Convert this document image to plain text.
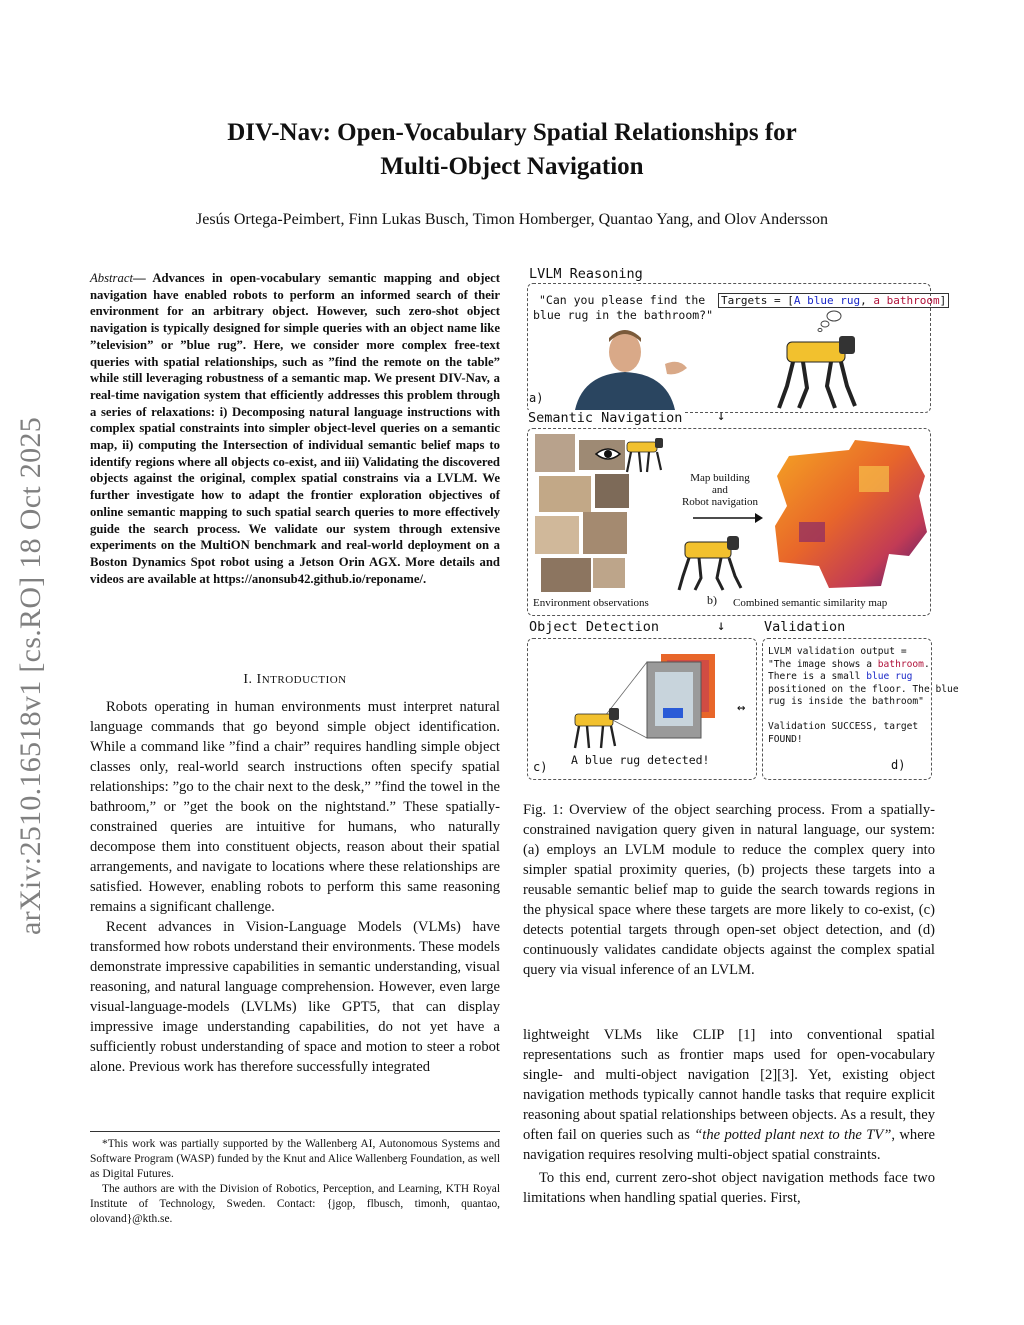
arXiv:2510.16518v1 [cs.RO] 18 Oct 2025
DIV-Nav: Open-Vocabulary Spatial Relationships for
Multi-Object Navigation
Jesús Ortega-Peimbert, Finn Lukas Busch, Timon Homberger, Quantao Yang, and Olov Andersson
Abstract— Advances in open-vocabulary semantic mapping and object navigation have enabled robots to perform an informed search of their environment for an arbitrary object. However, such zero-shot object navigation is typically designed for simple queries with an object name like ”television” or ”blue rug”. Here, we consider more complex free-text queries with spatial relationships, such as ”find the remote on the table” while still leveraging robustness of a semantic map. We present DIV-Nav, a real-time navigation system that efficiently addresses this problem through a series of relaxations: i) Decomposing natural language instructions with complex spatial constraints into simpler object-level queries on a semantic map, ii) computing the Intersection of individual semantic belief maps to identify regions where all objects co-exist, and iii) Validating the discovered objects against the original, complex spatial constrains via a LVLM. We further investigate how to adapt the frontier exploration objectives of online semantic mapping to such spatial search queries to more effectively guide the search process. We validate our system through extensive experiments on the MultiON benchmark and real-world deployment on a Boston Dynamics Spot robot using a Jetson Orin AGX. More details and videos are available at https://anonsub42.github.io/reponame/.
I. INTRODUCTION

Robots operating in human environments must interpret natural language commands that go beyond simple object identification. While a command like ”find a chair” requires handling simple object classes only, real-world search instructions often specify spatial relationships: ”go to the chair next to the desk,” ”find the towel in the bathroom,” or ”get the book on the nightstand.” These spatially-constrained queries are intuitive for humans, who naturally decompose them into constituent objects, reason about their spatial arrangements, and navigate to locations where these relationships are satisfied. However, enabling robots to perform this same reasoning remains a significant challenge.

Recent advances in Vision-Language Models (VLMs) have transformed how robots understand their environments. These models demonstrate impressive capabilities in semantic understanding, visual reasoning, and natural language comprehension. However, even large visual-language-models (LVLMs) like GPT5, that can display impressive image understanding capabilities, do not yet have a sufficiently robust understanding of space and motion to steer a robot alone. Previous work has therefore successfully integrated

*This work was partially supported by the Wallenberg AI, Autonomous Systems and Software Program (WASP) funded by the Knut and Alice Wallenberg Foundation, as well as Digital Futures.

The authors are with the Division of Robotics, Perception, and Learning, KTH Royal Institute of Technology, Sweden. Contact: {jgop, flbusch, timonh, quantao, olovand}@kth.se.

LVLM Reasoning
"Can you please find the
blue rug in the bathroom?"
Targets = [A blue rug, a bathroom]
a)
Semantic Navigation ↓
Map building
and
Robot navigation
Environment observations	b) Combined semantic similarity map
Object Detection	↓
A blue rug detected!
c)
↔
Validation
LVLM validation output =
"The image shows a bathroom.
There is a small blue rug
positioned on the floor. The blue
rug is inside the bathroom"
Validation SUCCESS, target
FOUND!
d)
Fig. 1: Overview of the object searching process. From a spatially-constrained navigation query given in natural language, our system: (a) employs an LVLM module to reduce the complex query into simpler spatial proximity queries, (b) projects these targets into a reusable semantic belief map to guide the search towards regions in the physical space where these targets are more likely to co-exist, (c) detects potential targets through open-set object detection, and (d) continuously validates candidate objects against the complex spatial query via visual inference of an LVLM.

lightweight VLMs like CLIP [1] into conventional spatial representations such as frontier maps used for open-vocabulary single- and multi-object navigation [2][3]. Yet, existing object navigation methods typically cannot handle tasks that require explicit reasoning about spatial relationships between objects. As a result, they often fail on queries such as “the potted plant next to the TV”, where navigation requires resolving multi-object spatial constraints.

To this end, current zero-shot object navigation methods face two limitations when handling spatial queries. First,
